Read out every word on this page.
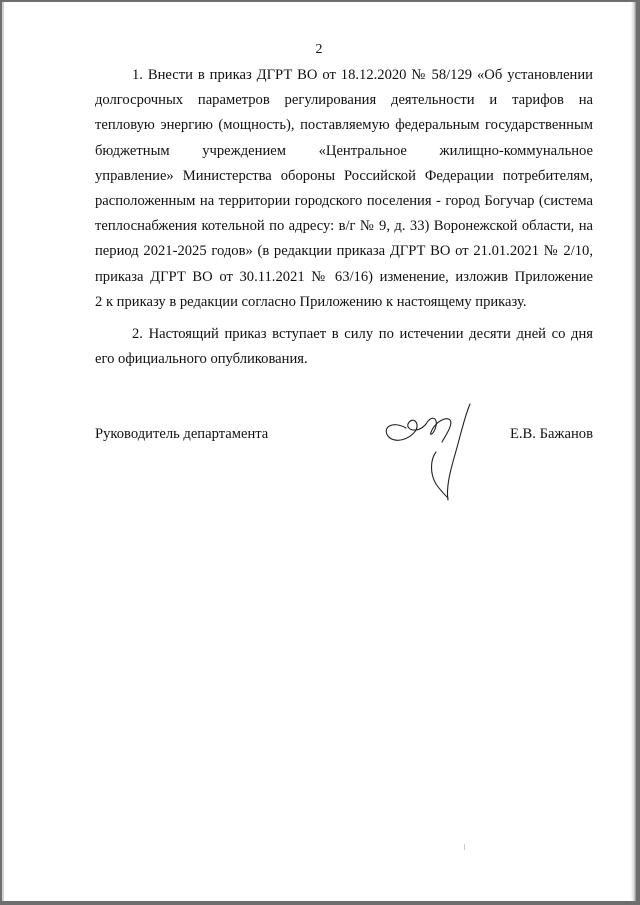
2
1. Внести в приказ ДГРТ ВО от 18.12.2020 № 58/129 «Об установлении
долгосрочных параметров регулирования деятельности и тарифов на
тепловую энергию (мощность), поставляемую федеральным государственным
бюджетным учреждением «Центральное жилищно-коммунальное
управление» Министерства обороны Российской Федерации потребителям,
расположенным на территории городского поселения - город Богучар (система
теплоснабжения котельной по адресу: в/г № 9, д. 33) Воронежской области, на
период 2021-2025 годов» (в редакции приказа ДГРТ ВО от 21.01.2021 № 2/10,
приказа ДГРТ ВО от 30.11.2021 № 63/16) изменение, изложив Приложение
2 к приказу в редакции согласно Приложению к настоящему приказу.
2. Настоящий приказ вступает в силу по истечении десяти дней со дня
его официального опубликования.
Руководитель департамента	Е.В. Бажанов
